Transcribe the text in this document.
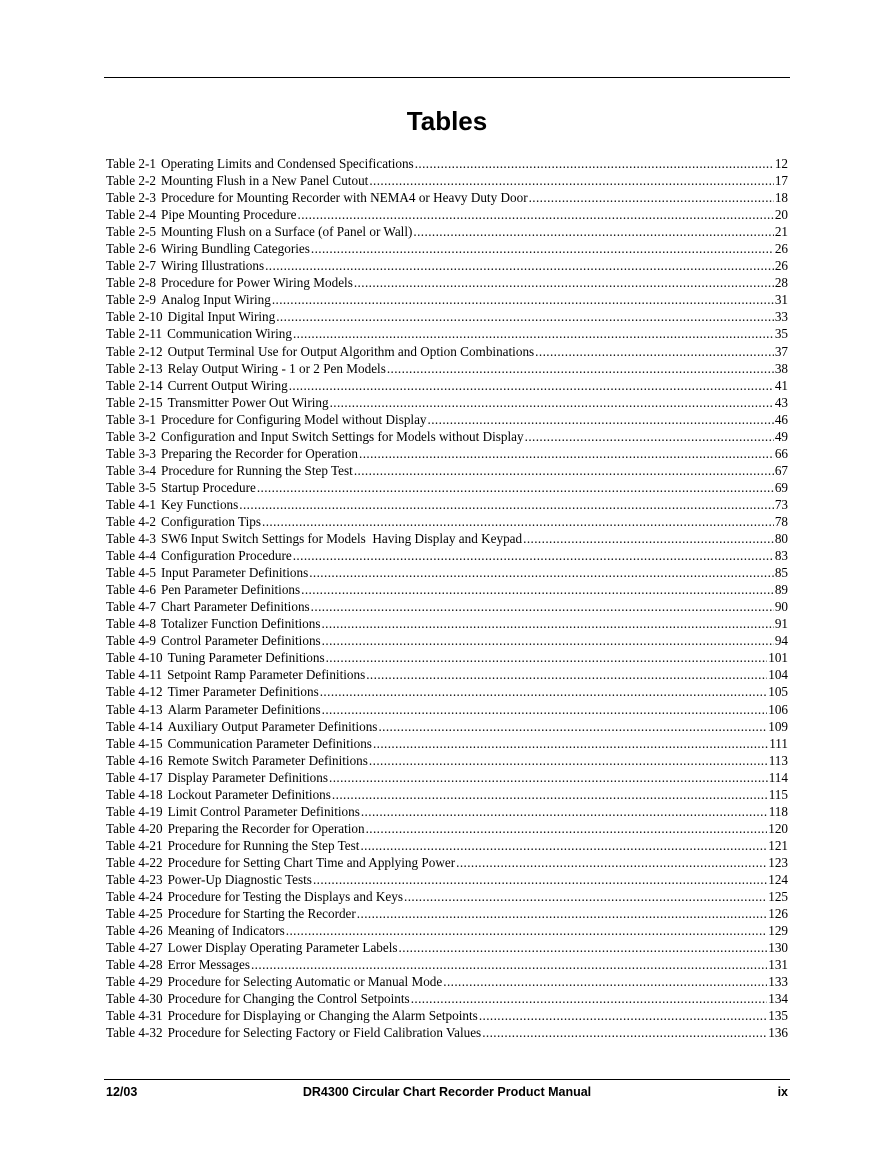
Tables
Table 2-1 Operating Limits and Condensed Specifications .....	12
Table 2-2 Mounting Flush in a New Panel Cutout .....	17
Table 2-3 Procedure for Mounting Recorder with NEMA4 or Heavy Duty Door .....	18
Table 2-4 Pipe Mounting Procedure .....	20
Table 2-5 Mounting Flush on a Surface (of Panel or Wall) .....	21
Table 2-6 Wiring Bundling Categories .....	26
Table 2-7 Wiring Illustrations .....	26
Table 2-8 Procedure for Power Wiring Models .....	28
Table 2-9 Analog Input Wiring .....	31
Table 2-10 Digital Input Wiring .....	33
Table 2-11 Communication Wiring .....	35
Table 2-12 Output Terminal Use for Output Algorithm and Option Combinations .....	37
Table 2-13 Relay Output Wiring - 1 or 2 Pen Models .....	38
Table 2-14 Current Output Wiring .....	41
Table 2-15 Transmitter Power Out Wiring .....	43
Table 3-1 Procedure for Configuring Model without Display .....	46
Table 3-2 Configuration and Input Switch Settings for Models without Display .....	49
Table 3-3 Preparing the Recorder for Operation .....	66
Table 3-4 Procedure for Running the Step Test .....	67
Table 3-5 Startup Procedure .....	69
Table 4-1 Key Functions .....	73
Table 4-2 Configuration Tips .....	78
Table 4-3 SW6 Input Switch Settings for Models  Having Display and Keypad .....	80
Table 4-4 Configuration Procedure .....	83
Table 4-5 Input Parameter Definitions .....	85
Table 4-6 Pen Parameter Definitions .....	89
Table 4-7 Chart Parameter Definitions .....	90
Table 4-8 Totalizer Function Definitions .....	91
Table 4-9 Control Parameter Definitions .....	94
Table 4-10 Tuning Parameter Definitions .....	101
Table 4-11 Setpoint Ramp Parameter Definitions .....	104
Table 4-12 Timer Parameter Definitions .....	105
Table 4-13 Alarm Parameter Definitions .....	106
Table 4-14 Auxiliary Output Parameter Definitions .....	109
Table 4-15 Communication Parameter Definitions .....	111
Table 4-16 Remote Switch Parameter Definitions .....	113
Table 4-17 Display Parameter Definitions .....	114
Table 4-18 Lockout Parameter Definitions .....	115
Table 4-19 Limit Control Parameter Definitions .....	118
Table 4-20 Preparing the Recorder for Operation .....	120
Table 4-21 Procedure for Running the Step Test .....	121
Table 4-22 Procedure for Setting Chart Time and Applying Power .....	123
Table 4-23 Power-Up Diagnostic Tests .....	124
Table 4-24 Procedure for Testing the Displays and Keys .....	125
Table 4-25 Procedure for Starting the Recorder .....	126
Table 4-26 Meaning of Indicators .....	129
Table 4-27 Lower Display Operating Parameter Labels .....	130
Table 4-28 Error Messages .....	131
Table 4-29 Procedure for Selecting Automatic or Manual Mode .....	133
Table 4-30 Procedure for Changing the Control Setpoints .....	134
Table 4-31 Procedure for Displaying or Changing the Alarm Setpoints .....	135
Table 4-32 Procedure for Selecting Factory or Field Calibration Values .....	136
12/03	DR4300 Circular Chart Recorder Product Manual	ix
